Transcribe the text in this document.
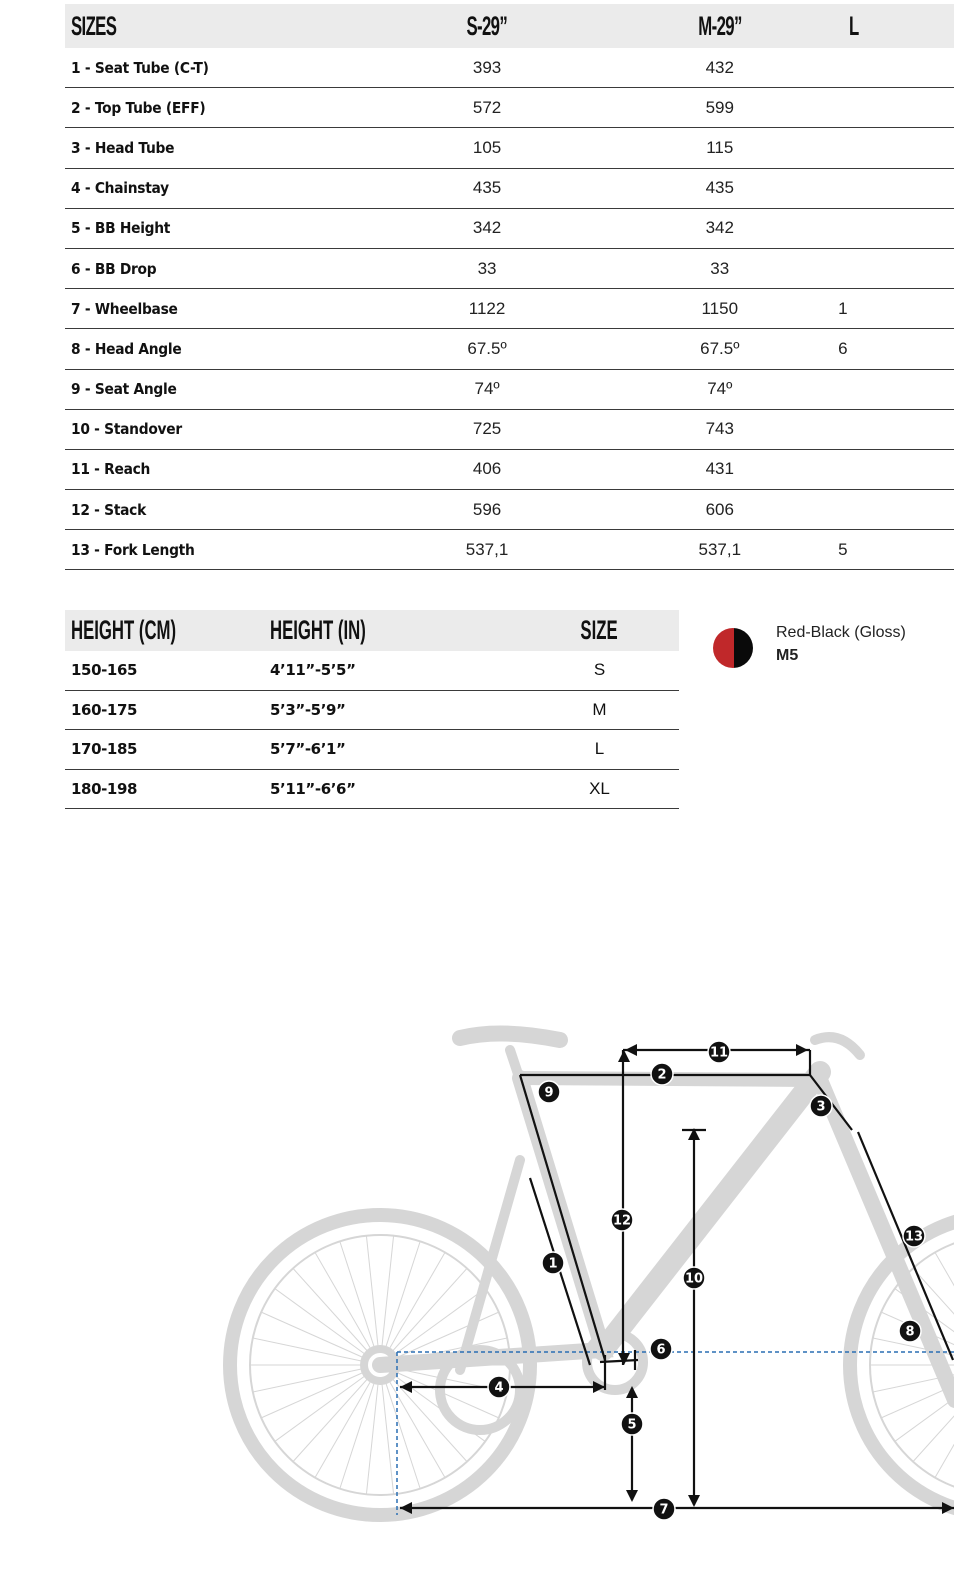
SIZES	S-29”	M-29”	L
1 - Seat Tube (C-T)	393	432	
2 - Top Tube (EFF)	572	599	
3 - Head Tube	105	115	
4 - Chainstay	435	435	
5 - BB Height	342	342	
6 - BB Drop	33	33	
7 - Wheelbase	1122	1150	1
8 - Head Angle	67.5º	67.5º	6
9 - Seat Angle	74º	74º	
10 - Standover	725	743	
11 - Reach	406	431	
12 - Stack	596	606	
13 - Fork Length	537,1	537,1	5
HEIGHT (CM)	HEIGHT (IN)	SIZE
150-165	4’11”-5’5”	S
160-175	5’3”-5’9”	M
170-185	5’7”-6’1”	L
180-198	5’11”-6’6”	XL
Red-Black (Gloss)
M5
1
2
3
4
5
6
7
8
9
10
11
12
13
